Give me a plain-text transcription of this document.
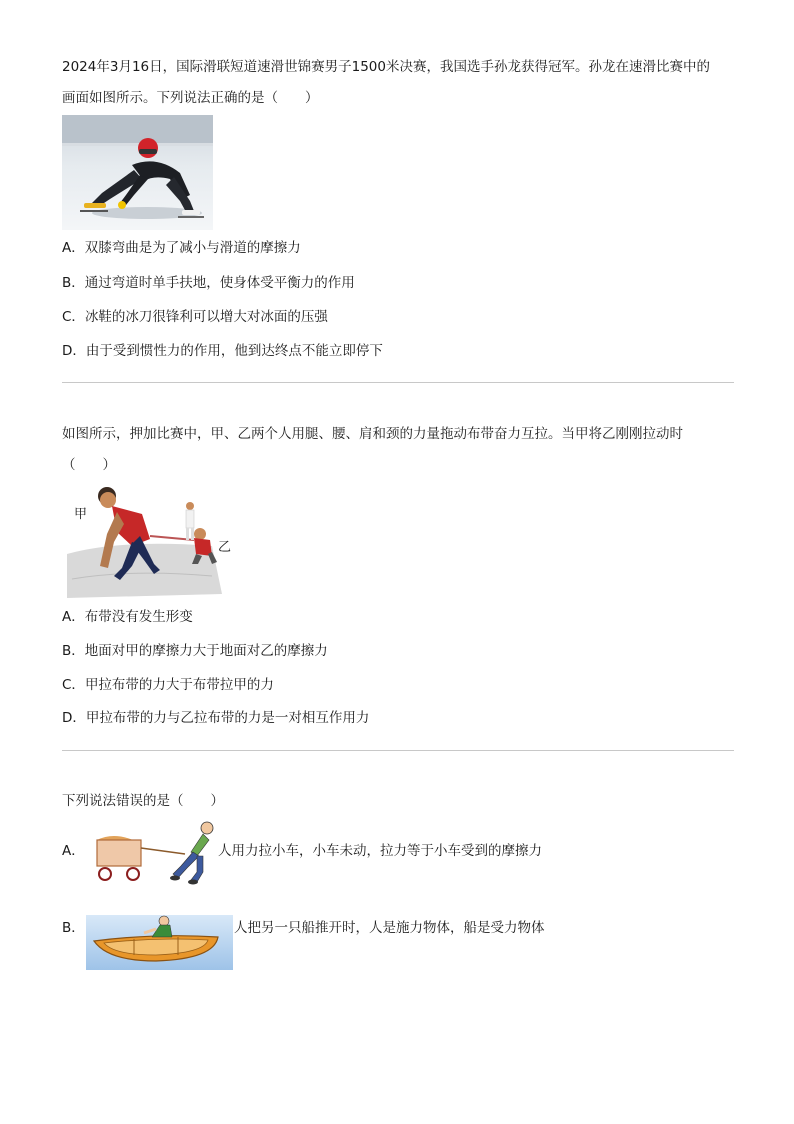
2024年3月16日，国际滑联短道速滑世锦赛男子1500米决赛，我国选手孙龙获得冠军。孙龙在速滑比赛中的
画面如图所示。下列说法正确的是（　　）
A．双膝弯曲是为了减小与滑道的摩擦力
B．通过弯道时单手扶地，使身体受平衡力的作用
C．冰鞋的冰刀很锋利可以增大对冰面的压强
D．由于受到惯性力的作用，他到达终点不能立即停下
如图所示，押加比赛中，甲、乙两个人用腿、腰、肩和颈的力量拖动布带奋力互拉。当甲将乙刚刚拉动时
（　　）
甲
乙
A．布带没有发生形变
B．地面对甲的摩擦力大于地面对乙的摩擦力
C．甲拉布带的力大于布带拉甲的力
D．甲拉布带的力与乙拉布带的力是一对相互作用力
下列说法错误的是（　　）
A．	人用力拉小车，小车未动，拉力等于小车受到的摩擦力
B．	人把另一只船推开时，人是施力物体，船是受力物体
